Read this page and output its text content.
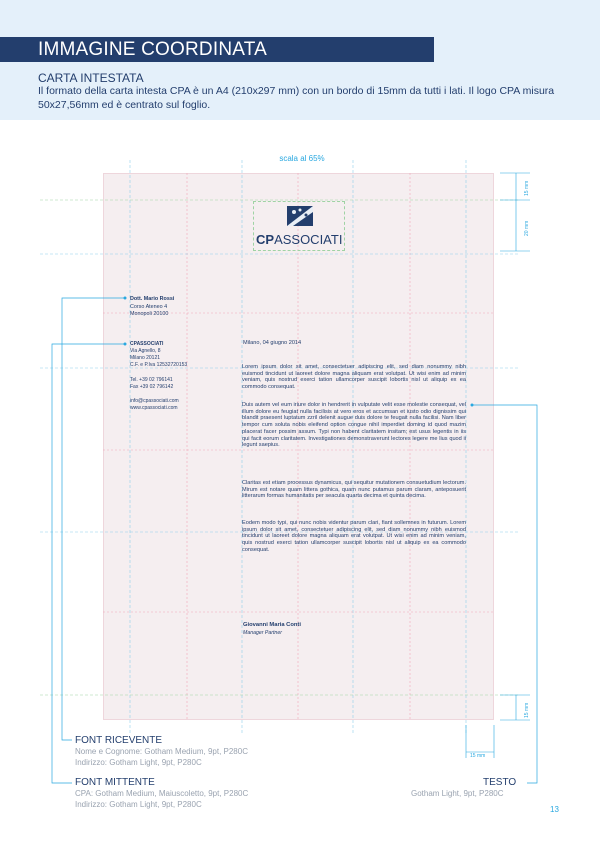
IMMAGINE COORDINATA
CARTA INTESTATA
Il formato della carta intesta CPA è un A4 (210x297 mm) con un bordo di 15mm da tutti i lati. Il logo CPA misura 50x27,56mm ed è centrato sul foglio.
scala al 65%
CPASSOCIATI
Dott. Mario Rossi
Corso Ateneo 4
Monopoli 20100
CPASSOCIATI
Via Agnello, 8
Milano 20121
C.F. e P.Iva 12532720153
Tel. +39 02 796141
Fax +39 02 796142
info@cpassociati.com
www.cpassociati.com
Milano, 04 giugno 2014
Lorem ipsum dolor sit amet, consectetuer adipiscing elit, sed diam nonummy nibh euismod tincidunt ut laoreet dolore magna aliquam erat volutpat. Ut wisi enim ad minim veniam, quis nostrud exerci tation ullamcorper suscipit lobortis nisl ut aliquip ex ea commodo consequat.
Duis autem vel eum iriure dolor in hendrerit in vulputate velit esse molestie consequat, vel illum dolore eu feugiat nulla facilisis at vero eros et accumsan et iusto odio dignissim qui blandit praesent luptatum zzril delenit augue duis dolore te feugait nulla facilisi. Nam liber tempor cum soluta nobis eleifend option congue nihil imperdiet doming id quod mazim placerat facer possim assum. Typi non habent claritatem insitam; est usus legentis in iis qui facit eorum claritatem. Investigationes demonstraverunt lectores legere me lius quod ii legunt saepius.
Claritas est etiam processus dynamicus, qui sequitur mutationem consuetudium lectorum. Mirum est notare quam littera gothica, quam nunc putamus parum claram, anteposuerit litterarum formas humanitatis per seacula quarta decima et quinta decima.
Eodem modo typi, qui nunc nobis videntur parum clari, fiant sollemnes in futurum. Lorem ipsum dolor sit amet, consectetuer adipiscing elit, sed diam nonummy nibh euismod tincidunt ut laoreet dolore magna aliquam erat volutpat. Ut wisi enim ad minim veniam, quis nostrud exerci tation ullamcorper suscipit lobortis nisl ut aliquip ex ea commodo consequat.
Giovanni Maria Conti
Manager Partner
15 mm
20 mm
15 mm
15 mm
FONT RICEVENTE
Nome e Cognome: Gotham Medium, 9pt, P280C
Indirizzo: Gotham Light, 9pt, P280C
FONT MITTENTE
CPA: Gotham Medium, Maiuscoletto, 9pt, P280C
Indirizzo: Gotham Light, 9pt, P280C
TESTO
Gotham Light, 9pt, P280C
13
